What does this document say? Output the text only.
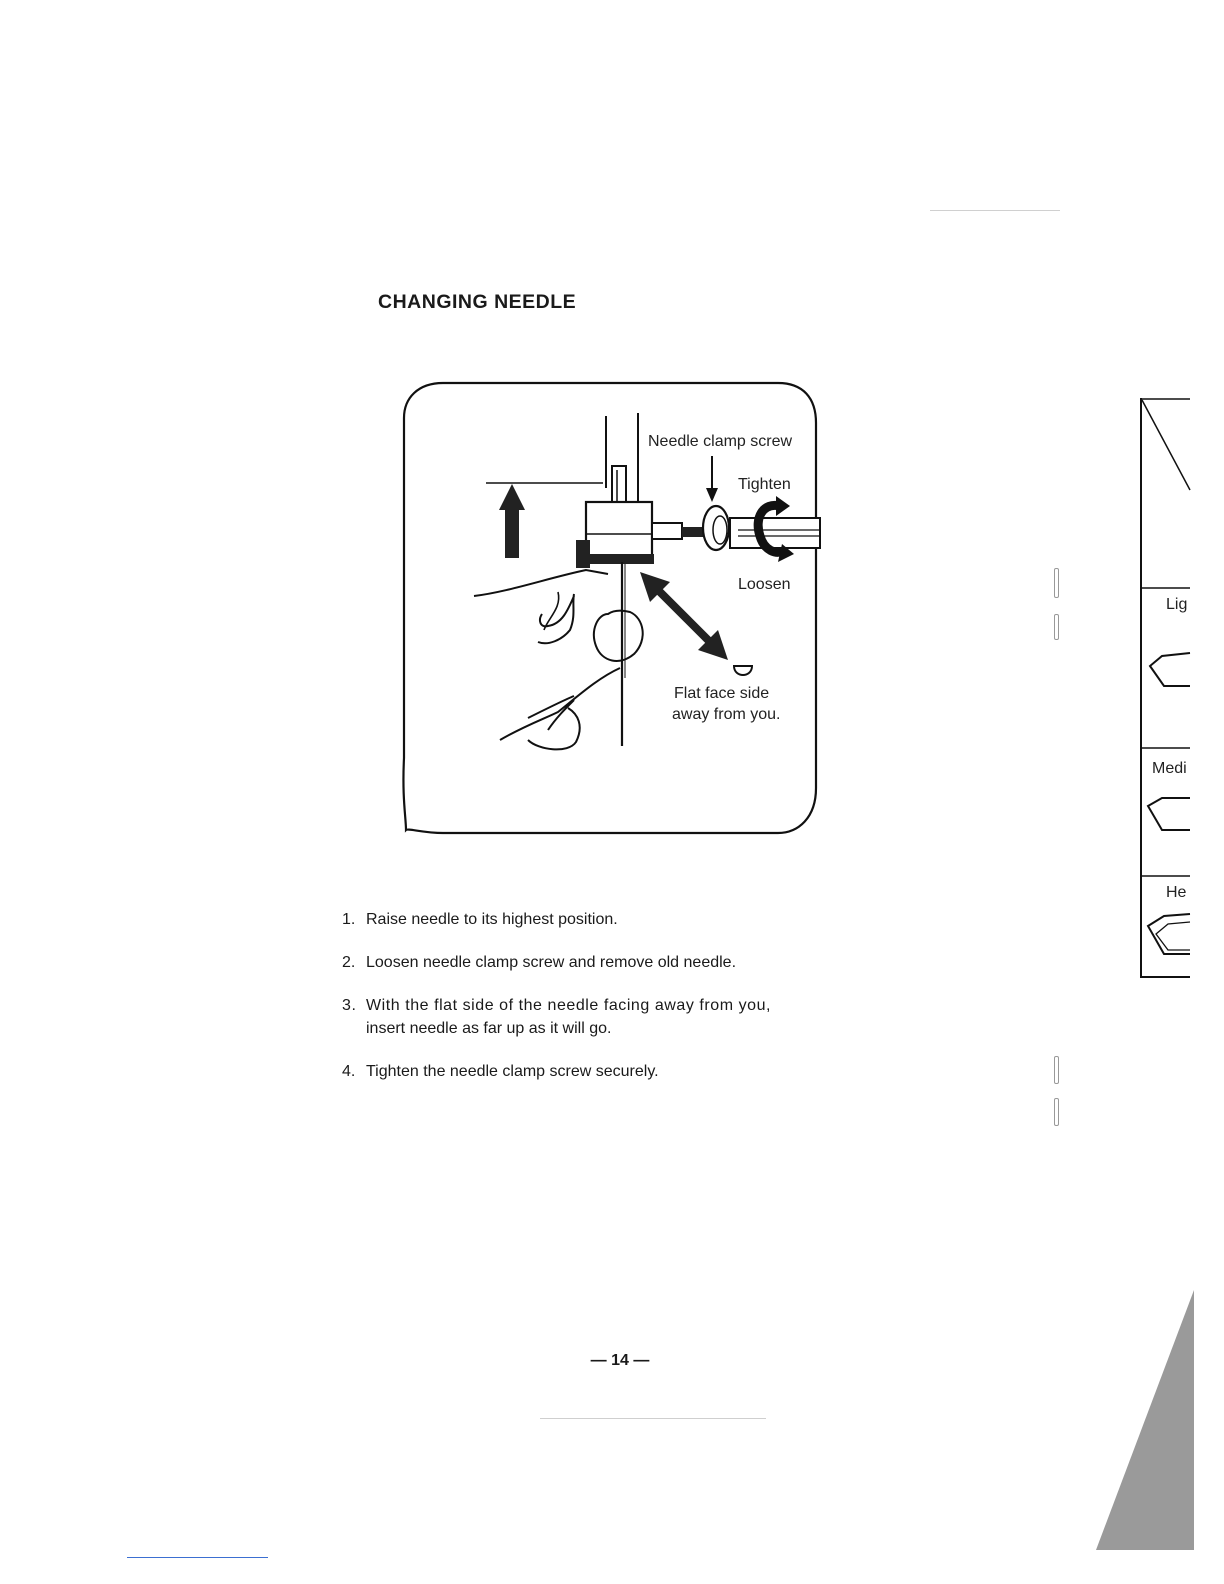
CHANGING NEEDLE
Needle clamp screw
Tighten
Loosen
Flat face side
away from you.
1. Raise needle to its highest position.
2. Loosen needle clamp screw and remove old needle.
3. With the flat side of the needle facing away from you,
insert needle as far up as it will go.
4. Tighten the needle clamp screw securely.
— 14 —
Lig
Medi
He
